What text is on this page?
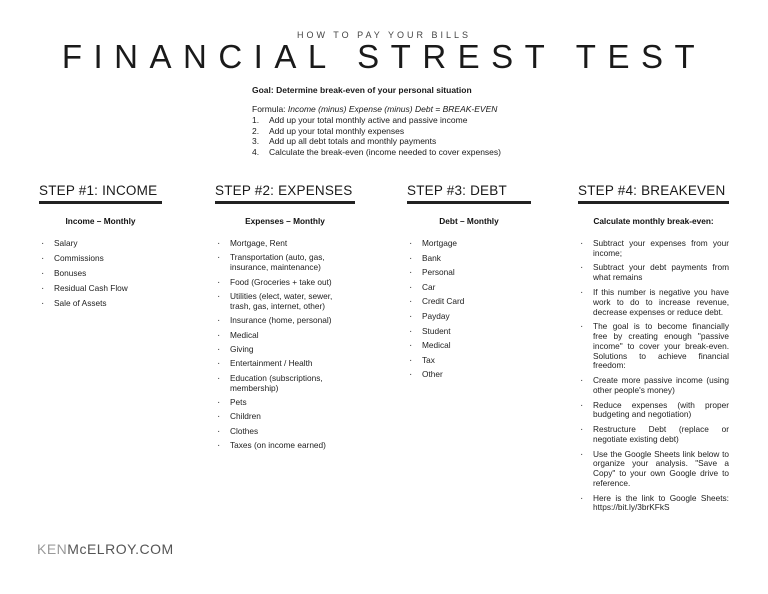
HOW TO PAY YOUR BILLS
FINANCIAL STREST TEST
Goal: Determine break-even of your personal situation
Formula: Income (minus) Expense (minus) Debt = BREAK-EVEN
1. Add up your total monthly active and passive income
2. Add up your total monthly expenses
3. Add up all debt totals and monthly payments
4. Calculate the break-even (income needed to cover expenses)
STEP #1: INCOME
Income – Monthly
· Salary
· Commissions
· Bonuses
· Residual Cash Flow
· Sale of Assets
STEP #2: EXPENSES
Expenses – Monthly
· Mortgage, Rent
· Transportation (auto, gas, insurance, maintenance)
· Food (Groceries + take out)
· Utilities (elect, water, sewer, trash, gas, internet, other)
· Insurance (home, personal)
· Medical
· Giving
· Entertainment / Health
· Education (subscriptions, membership)
· Pets
· Children
· Clothes
· Taxes (on income earned)
STEP #3: DEBT
Debt – Monthly
· Mortgage
· Bank
· Personal
· Car
· Credit Card
· Payday
· Student
· Medical
· Tax
· Other
STEP #4: BREAKEVEN
Calculate monthly break-even:
· Subtract your expenses from your income;
· Subtract your debt payments from what remains
· If this number is negative you have work to do to increase revenue, decrease expenses or reduce debt.
· The goal is to become financially free by creating enough "passive income" to cover your break-even. Solutions to achieve financial freedom:
· Create more passive income (using other people's money)
· Reduce expenses (with proper budgeting and negotiation)
· Restructure Debt (replace or negotiate existing debt)
· Use the Google Sheets link below to organize your analysis. "Save a Copy" to your own Google drive to reference.
· Here is the link to Google Sheets: https://bit.ly/3brKFkS
KENMcELROY.COM
